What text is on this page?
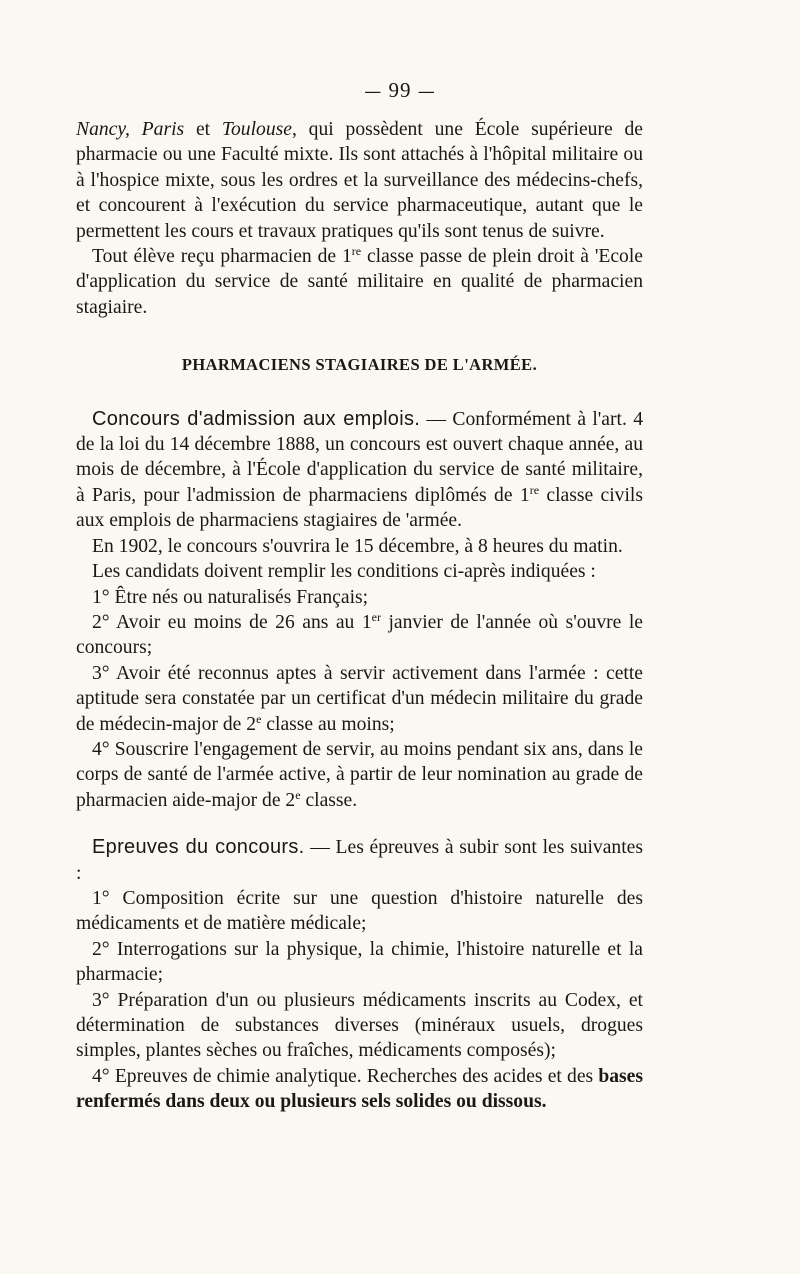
— 99 —

Nancy, Paris et Toulouse, qui possèdent une École supérieure de pharmacie ou une Faculté mixte. Ils sont attachés à l'hôpital militaire ou à l'hospice mixte, sous les ordres et la surveillance des médecins-chefs, et concourent à l'exécution du service pharmaceutique, autant que le permettent les cours et travaux pratiques qu'ils sont tenus de suivre.

Tout élève reçu pharmacien de 1re classe passe de plein droit à 'Ecole d'application du service de santé militaire en qualité de pharmacien stagiaire.

PHARMACIENS STAGIAIRES DE L'ARMÉE.

Concours d'admission aux emplois. — Conformément à l'art. 4 de la loi du 14 décembre 1888, un concours est ouvert chaque année, au mois de décembre, à l'École d'application du service de santé militaire, à Paris, pour l'admission de pharmaciens diplômés de 1re classe civils aux emplois de pharmaciens stagiaires de 'armée.

En 1902, le concours s'ouvrira le 15 décembre, à 8 heures du matin.

Les candidats doivent remplir les conditions ci-après indiquées :

1° Être nés ou naturalisés Français;

2° Avoir eu moins de 26 ans au 1er janvier de l'année où s'ouvre le concours;

3° Avoir été reconnus aptes à servir activement dans l'armée : cette aptitude sera constatée par un certificat d'un médecin militaire du grade de médecin-major de 2e classe au moins;

4° Souscrire l'engagement de servir, au moins pendant six ans, dans le corps de santé de l'armée active, à partir de leur nomination au grade de pharmacien aide-major de 2e classe.

Epreuves du concours. — Les épreuves à subir sont les suivantes :

1° Composition écrite sur une question d'histoire naturelle des médicaments et de matière médicale;

2° Interrogations sur la physique, la chimie, l'histoire naturelle et la pharmacie;

3° Préparation d'un ou plusieurs médicaments inscrits au Codex, et détermination de substances diverses (minéraux usuels, drogues simples, plantes sèches ou fraîches, médicaments composés);

4° Epreuves de chimie analytique. Recherches des acides et des bases renfermés dans deux ou plusieurs sels solides ou dissous.
